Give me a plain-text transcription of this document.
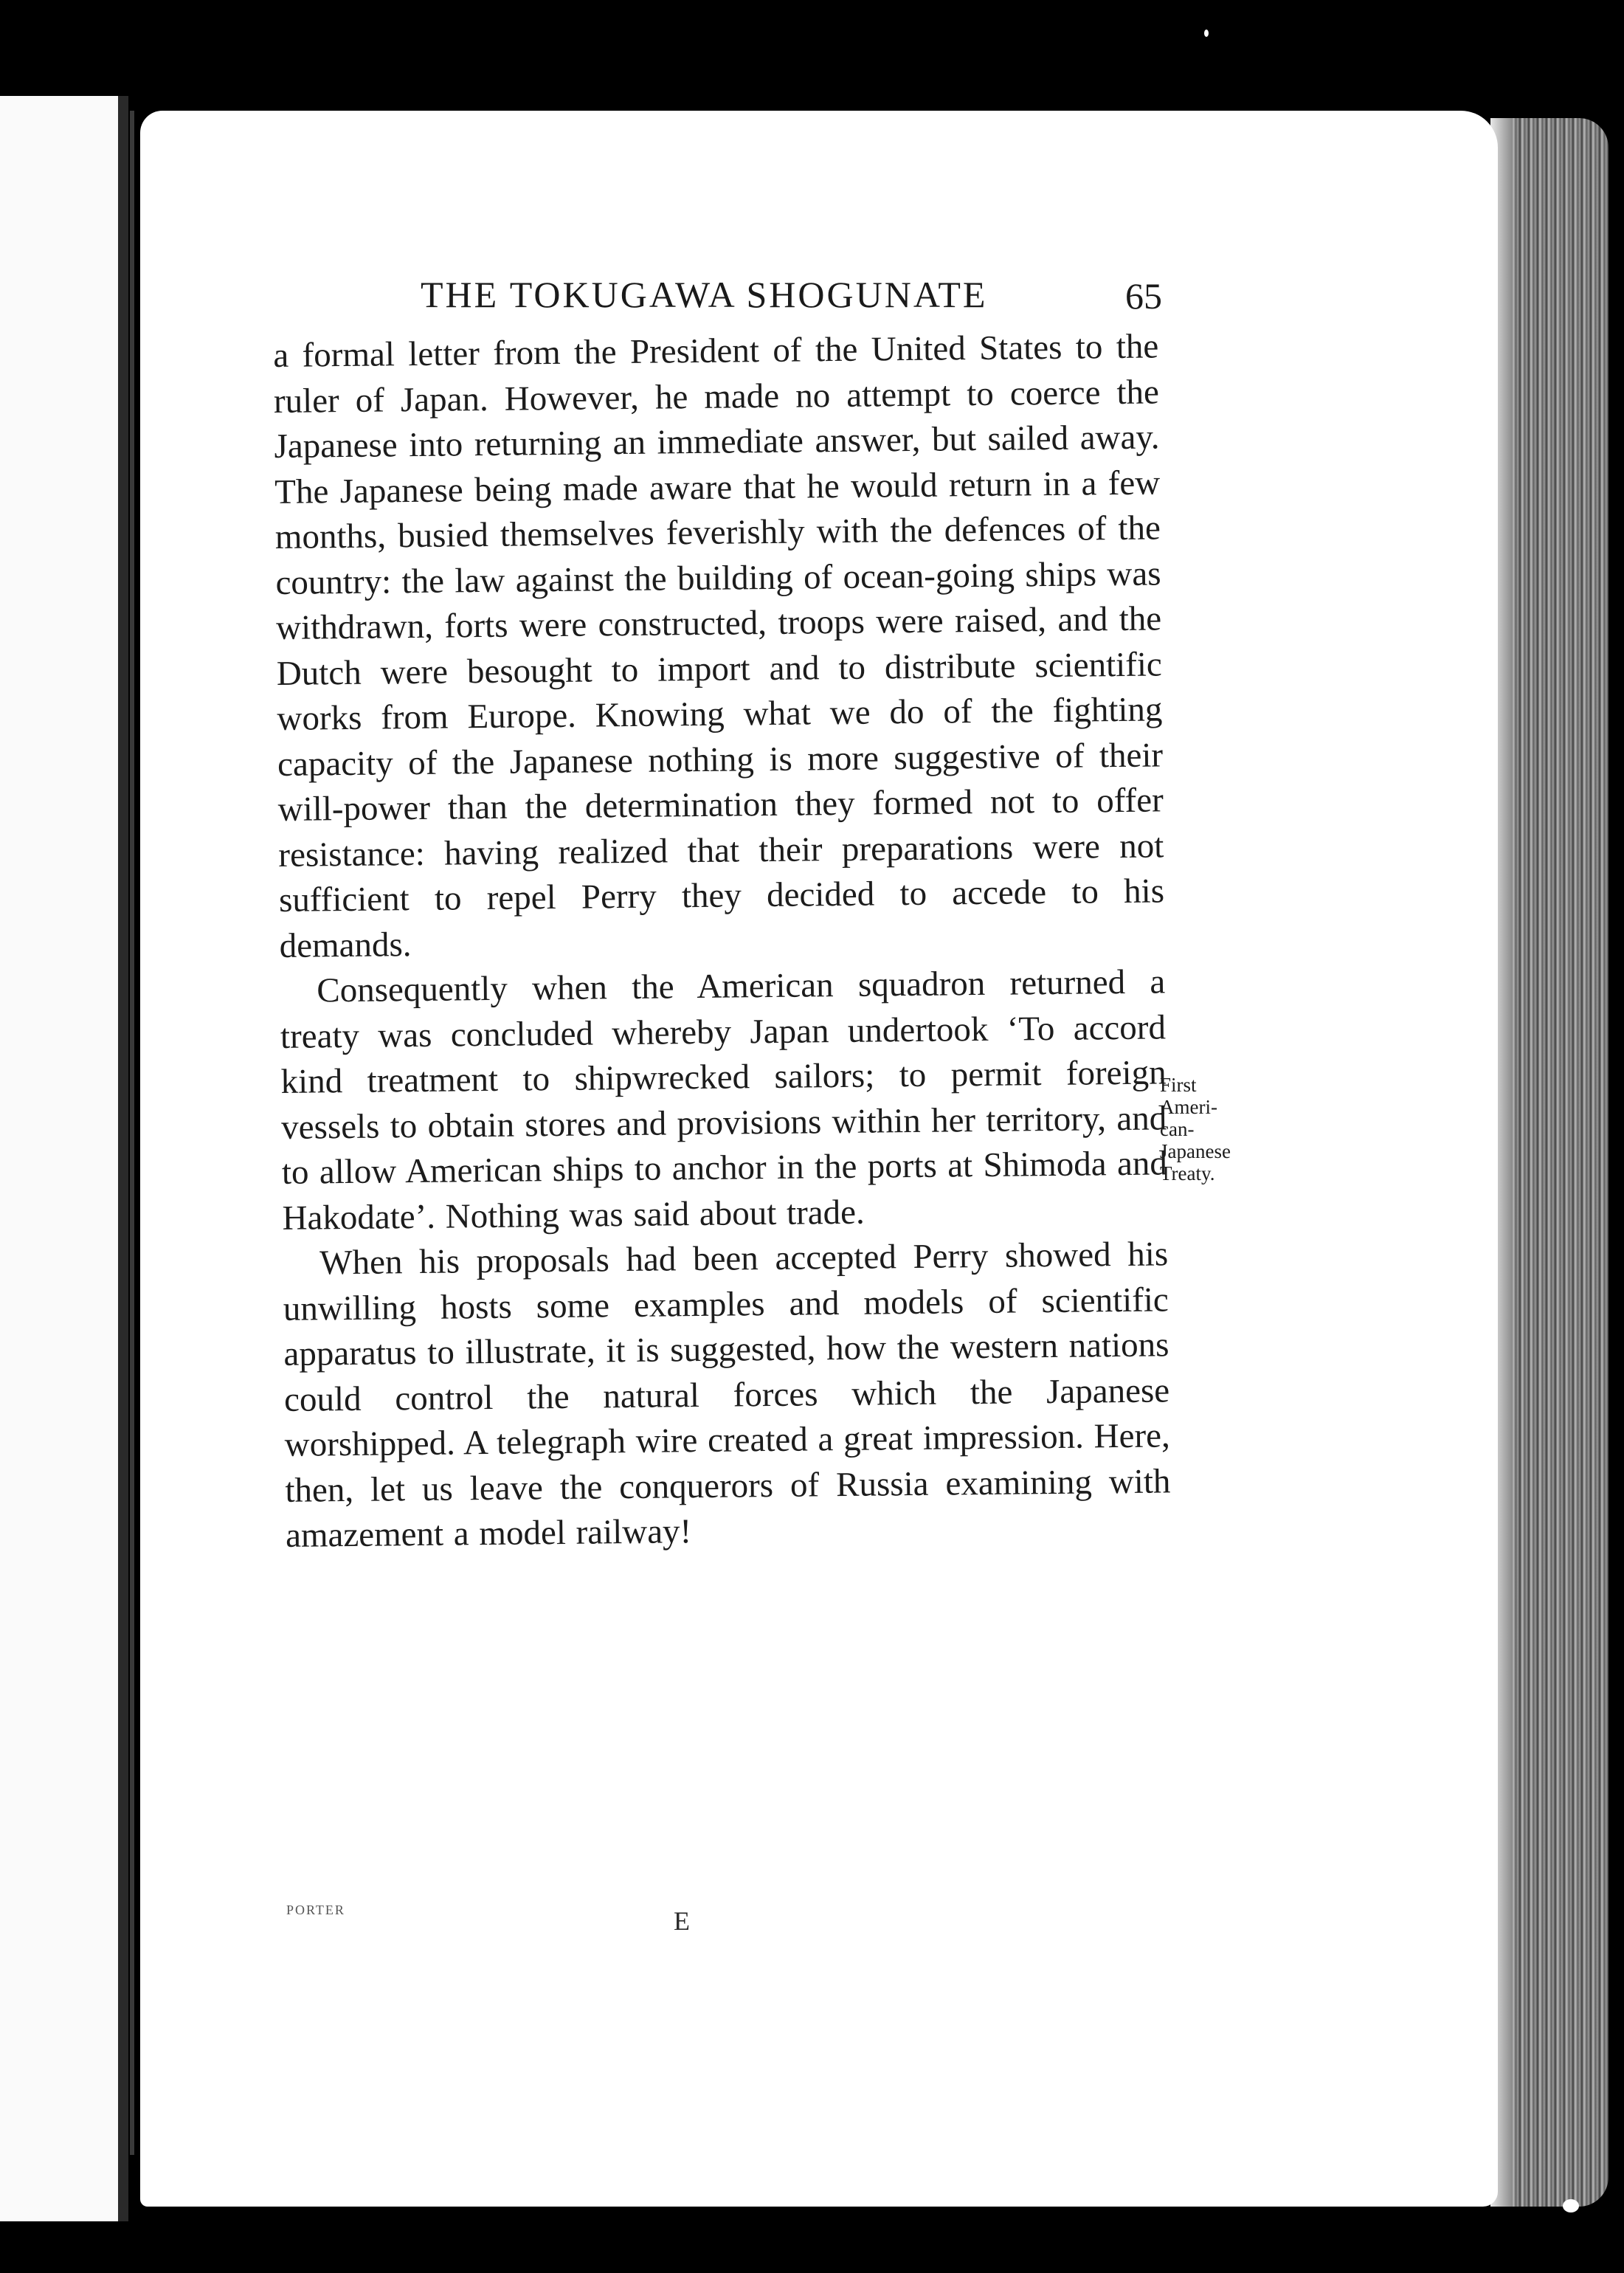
THE TOKUGAWA SHOGUNATE	65

a formal letter from the President of the United States to the ruler of Japan. However, he made no attempt to coerce the Japanese into returning an immediate answer, but sailed away. The Japanese being made aware that he would return in a few months, busied themselves feverishly with the defences of the country: the law against the building of ocean-going ships was withdrawn, forts were constructed, troops were raised, and the Dutch were besought to import and to distribute scientific works from Europe. Knowing what we do of the fighting capacity of the Japanese nothing is more suggestive of their will-power than the determination they formed not to offer resistance: having realized that their preparations were not sufficient to repel Perry they decided to accede to his demands.

Consequently when the American squadron returned a treaty was concluded whereby Japan undertook ‘To accord kind treatment to shipwrecked sailors; to permit foreign vessels to obtain stores and provisions within her territory, and to allow American ships to anchor in the ports at Shimoda and Hakodate’. Nothing was said about trade.

When his proposals had been accepted Perry showed his unwilling hosts some examples and models of scientific apparatus to illustrate, it is suggested, how the western nations could control the natural forces which the Japanese worshipped. A telegraph wire created a great impression. Here, then, let us leave the conquerors of Russia examining with amazement a model railway!

First
Ameri-
can-
Japanese
Treaty.
PORTER	E
